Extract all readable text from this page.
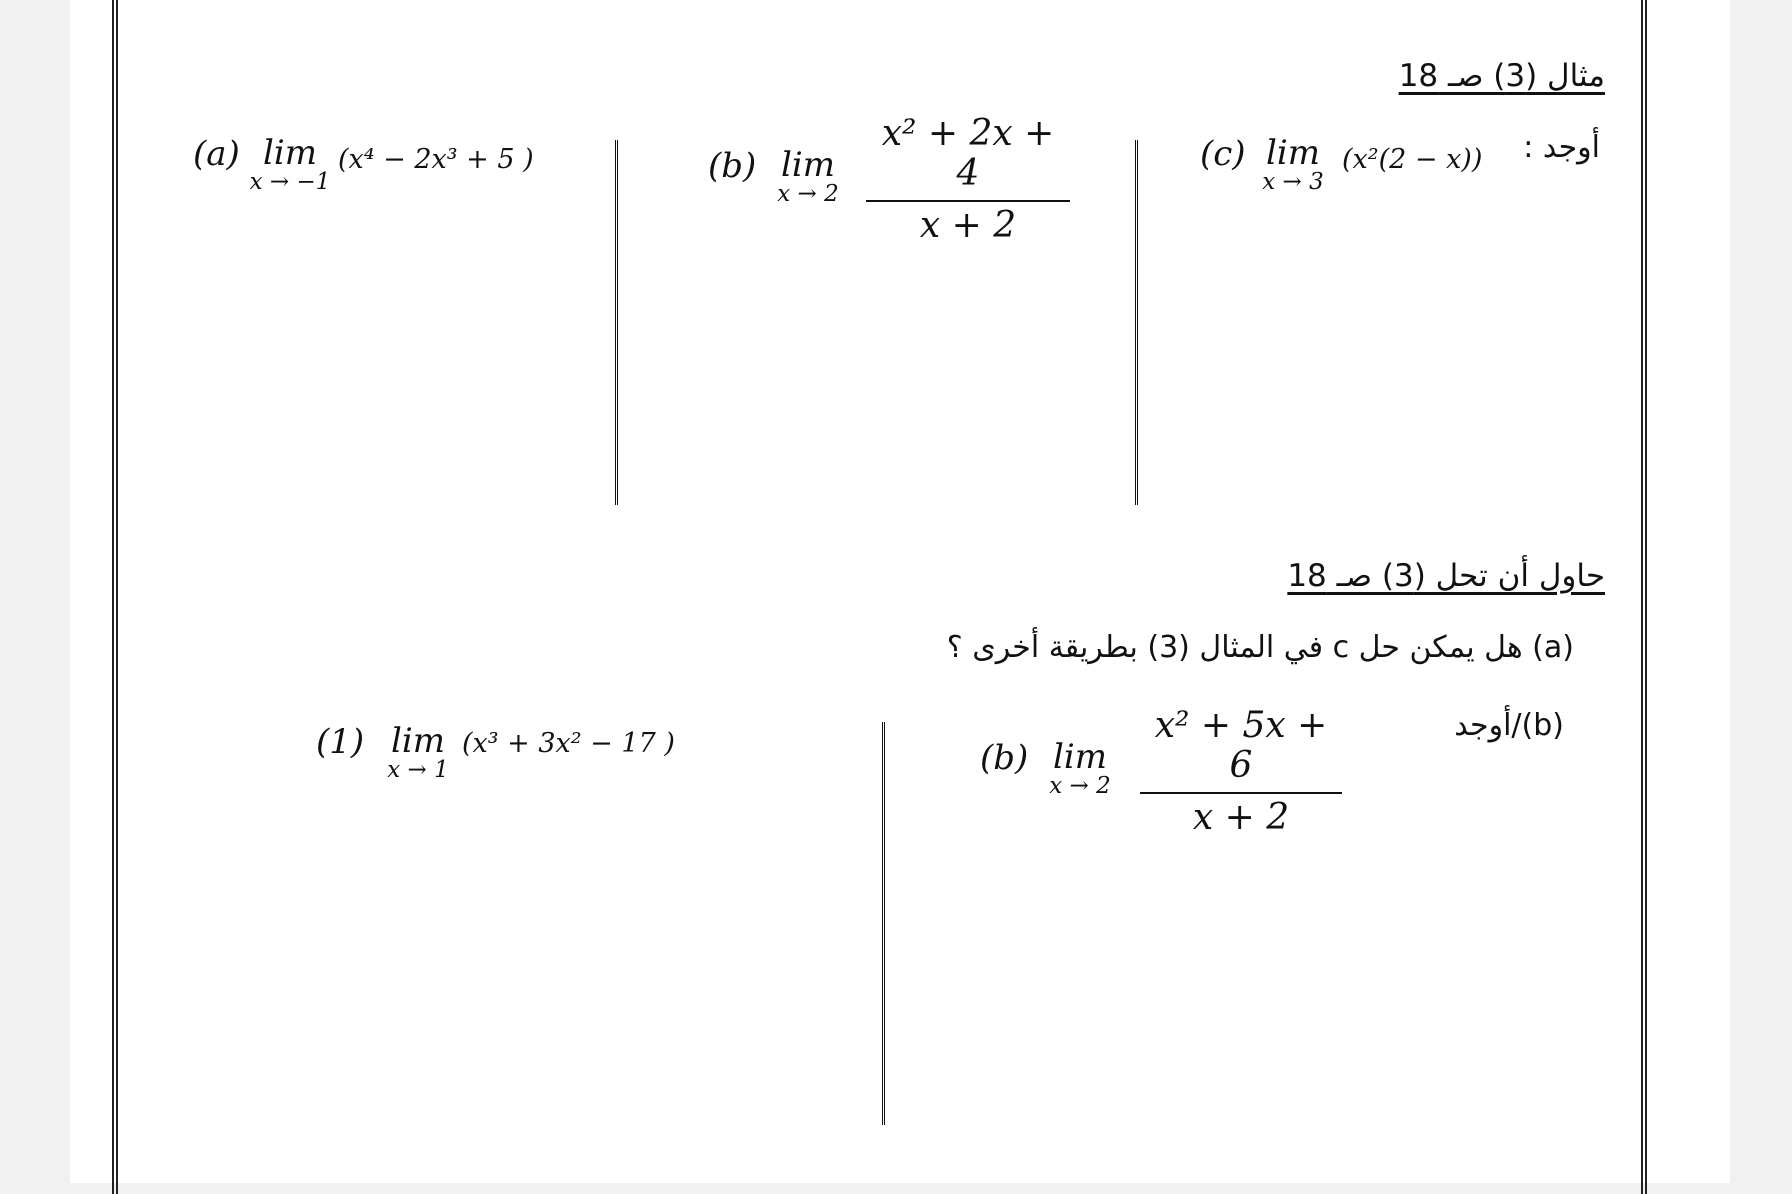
مثال (3) صـ 18
أوجد :
(c) lim
x → 3
(x²(2 − x))
(b) lim
$x \to 2 \frac{\text{x² + 2x + 4}}{x + 2}$
(a) lim
x → −1
(x⁴ − 2x³ + 5 )
حاول أن تحل (3) صـ 18
(a) هل يمكن حل c في المثال (3) بطريقة أخرى ؟
(b)/أوجد
(b) lim
$x \to 2 \frac{\text{x² + 5x + 6}}{x + 2}$
(1) lim
x → 1
(x³ + 3x² − 17 )
